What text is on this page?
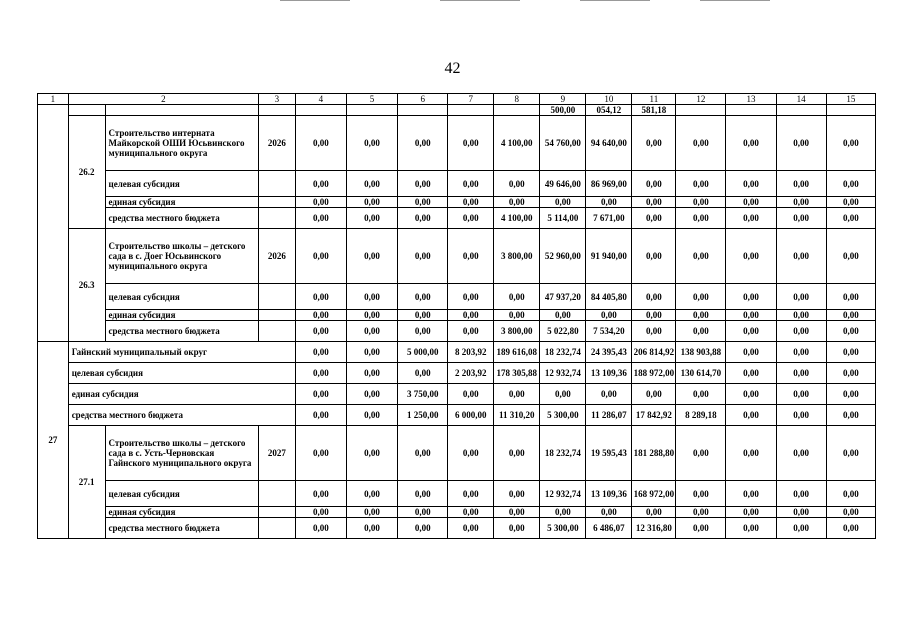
42
1	2		3	4	5	6	7	8	9	10	11	12	13	14	15
									500,00	054,12	581,18				
	26.2	Строительство интерната Майкорской ОШИ Юсьвинского муниципального округа	2026	0,00	0,00	0,00	0,00	4 100,00	54 760,00	94 640,00	0,00	0,00	0,00	0,00	0,00
		целевая субсидия		0,00	0,00	0,00	0,00	0,00	49 646,00	86 969,00	0,00	0,00	0,00	0,00	0,00
		единая субсидия		0,00	0,00	0,00	0,00	0,00	0,00	0,00	0,00	0,00	0,00	0,00	0,00
		средства местного бюджета		0,00	0,00	0,00	0,00	4 100,00	5 114,00	7 671,00	0,00	0,00	0,00	0,00	0,00
	26.3	Строительство школы – детского сада в с. Доег Юсьвинского муниципального округа	2026	0,00	0,00	0,00	0,00	3 800,00	52 960,00	91 940,00	0,00	0,00	0,00	0,00	0,00
		целевая субсидия		0,00	0,00	0,00	0,00	0,00	47 937,20	84 405,80	0,00	0,00	0,00	0,00	0,00
		единая субсидия		0,00	0,00	0,00	0,00	0,00	0,00	0,00	0,00	0,00	0,00	0,00	0,00
		средства местного бюджета		0,00	0,00	0,00	0,00	3 800,00	5 022,80	7 534,20	0,00	0,00	0,00	0,00	0,00
27	Гайнский муниципальный округ			0,00	0,00	5 000,00	8 203,92	189 616,08	18 232,74	24 395,43	206 814,92	138 903,88	0,00	0,00	0,00
	целевая субсидия			0,00	0,00	0,00	2 203,92	178 305,88	12 932,74	13 109,36	188 972,00	130 614,70	0,00	0,00	0,00
	единая субсидия			0,00	0,00	3 750,00	0,00	0,00	0,00	0,00	0,00	0,00	0,00	0,00	0,00
	средства местного бюджета			0,00	0,00	1 250,00	6 000,00	11 310,20	5 300,00	11 286,07	17 842,92	8 289,18	0,00	0,00	0,00
	27.1	Строительство школы – детского сада в с. Усть-Черновская Гайнского муниципального округа	2027	0,00	0,00	0,00	0,00	0,00	18 232,74	19 595,43	181 288,80	0,00	0,00	0,00	0,00
		целевая субсидия		0,00	0,00	0,00	0,00	0,00	12 932,74	13 109,36	168 972,00	0,00	0,00	0,00	0,00
		единая субсидия		0,00	0,00	0,00	0,00	0,00	0,00	0,00	0,00	0,00	0,00	0,00	0,00
		средства местного бюджета		0,00	0,00	0,00	0,00	0,00	5 300,00	6 486,07	12 316,80	0,00	0,00	0,00	0,00
